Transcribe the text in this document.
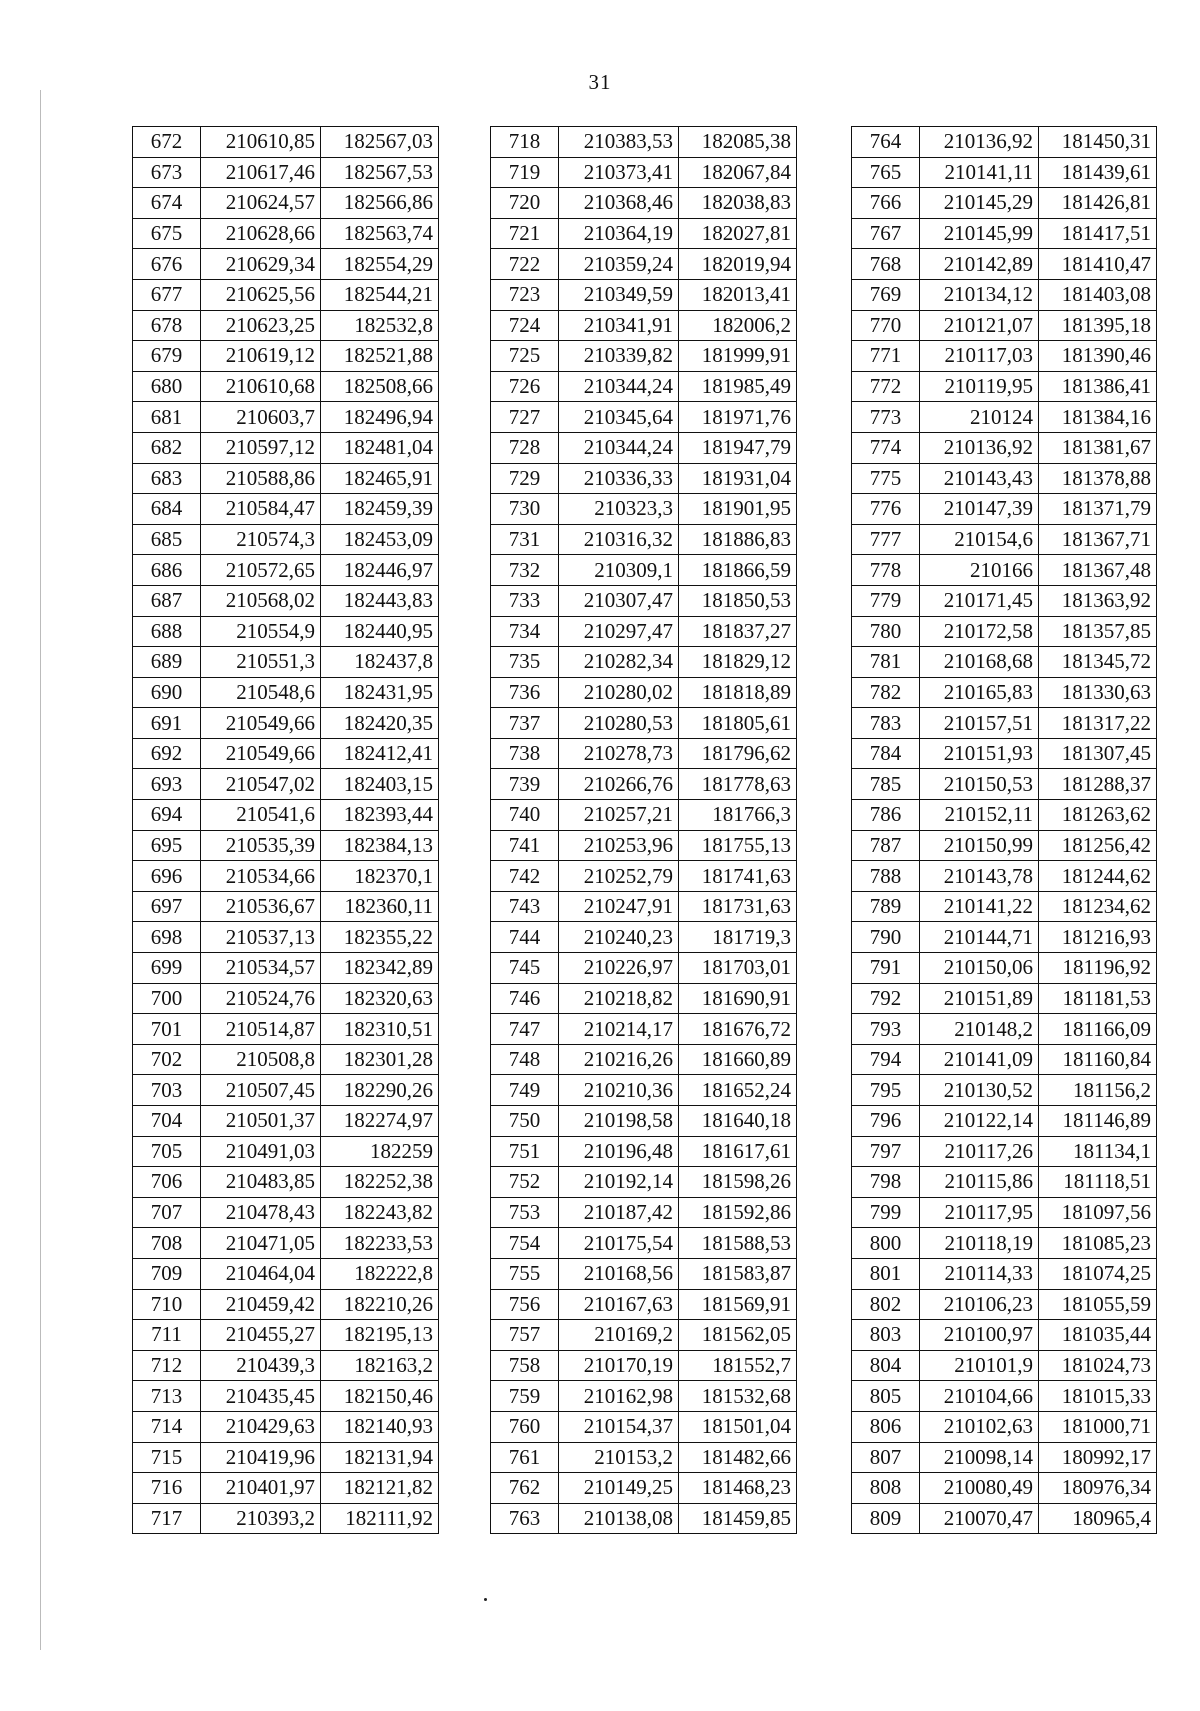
31
672	210610,85	182567,03
673	210617,46	182567,53
674	210624,57	182566,86
675	210628,66	182563,74
676	210629,34	182554,29
677	210625,56	182544,21
678	210623,25	182532,8
679	210619,12	182521,88
680	210610,68	182508,66
681	210603,7	182496,94
682	210597,12	182481,04
683	210588,86	182465,91
684	210584,47	182459,39
685	210574,3	182453,09
686	210572,65	182446,97
687	210568,02	182443,83
688	210554,9	182440,95
689	210551,3	182437,8
690	210548,6	182431,95
691	210549,66	182420,35
692	210549,66	182412,41
693	210547,02	182403,15
694	210541,6	182393,44
695	210535,39	182384,13
696	210534,66	182370,1
697	210536,67	182360,11
698	210537,13	182355,22
699	210534,57	182342,89
700	210524,76	182320,63
701	210514,87	182310,51
702	210508,8	182301,28
703	210507,45	182290,26
704	210501,37	182274,97
705	210491,03	182259
706	210483,85	182252,38
707	210478,43	182243,82
708	210471,05	182233,53
709	210464,04	182222,8
710	210459,42	182210,26
711	210455,27	182195,13
712	210439,3	182163,2
713	210435,45	182150,46
714	210429,63	182140,93
715	210419,96	182131,94
716	210401,97	182121,82
717	210393,2	182111,92
718	210383,53	182085,38
719	210373,41	182067,84
720	210368,46	182038,83
721	210364,19	182027,81
722	210359,24	182019,94
723	210349,59	182013,41
724	210341,91	182006,2
725	210339,82	181999,91
726	210344,24	181985,49
727	210345,64	181971,76
728	210344,24	181947,79
729	210336,33	181931,04
730	210323,3	181901,95
731	210316,32	181886,83
732	210309,1	181866,59
733	210307,47	181850,53
734	210297,47	181837,27
735	210282,34	181829,12
736	210280,02	181818,89
737	210280,53	181805,61
738	210278,73	181796,62
739	210266,76	181778,63
740	210257,21	181766,3
741	210253,96	181755,13
742	210252,79	181741,63
743	210247,91	181731,63
744	210240,23	181719,3
745	210226,97	181703,01
746	210218,82	181690,91
747	210214,17	181676,72
748	210216,26	181660,89
749	210210,36	181652,24
750	210198,58	181640,18
751	210196,48	181617,61
752	210192,14	181598,26
753	210187,42	181592,86
754	210175,54	181588,53
755	210168,56	181583,87
756	210167,63	181569,91
757	210169,2	181562,05
758	210170,19	181552,7
759	210162,98	181532,68
760	210154,37	181501,04
761	210153,2	181482,66
762	210149,25	181468,23
763	210138,08	181459,85
764	210136,92	181450,31
765	210141,11	181439,61
766	210145,29	181426,81
767	210145,99	181417,51
768	210142,89	181410,47
769	210134,12	181403,08
770	210121,07	181395,18
771	210117,03	181390,46
772	210119,95	181386,41
773	210124	181384,16
774	210136,92	181381,67
775	210143,43	181378,88
776	210147,39	181371,79
777	210154,6	181367,71
778	210166	181367,48
779	210171,45	181363,92
780	210172,58	181357,85
781	210168,68	181345,72
782	210165,83	181330,63
783	210157,51	181317,22
784	210151,93	181307,45
785	210150,53	181288,37
786	210152,11	181263,62
787	210150,99	181256,42
788	210143,78	181244,62
789	210141,22	181234,62
790	210144,71	181216,93
791	210150,06	181196,92
792	210151,89	181181,53
793	210148,2	181166,09
794	210141,09	181160,84
795	210130,52	181156,2
796	210122,14	181146,89
797	210117,26	181134,1
798	210115,86	181118,51
799	210117,95	181097,56
800	210118,19	181085,23
801	210114,33	181074,25
802	210106,23	181055,59
803	210100,97	181035,44
804	210101,9	181024,73
805	210104,66	181015,33
806	210102,63	181000,71
807	210098,14	180992,17
808	210080,49	180976,34
809	210070,47	180965,4
